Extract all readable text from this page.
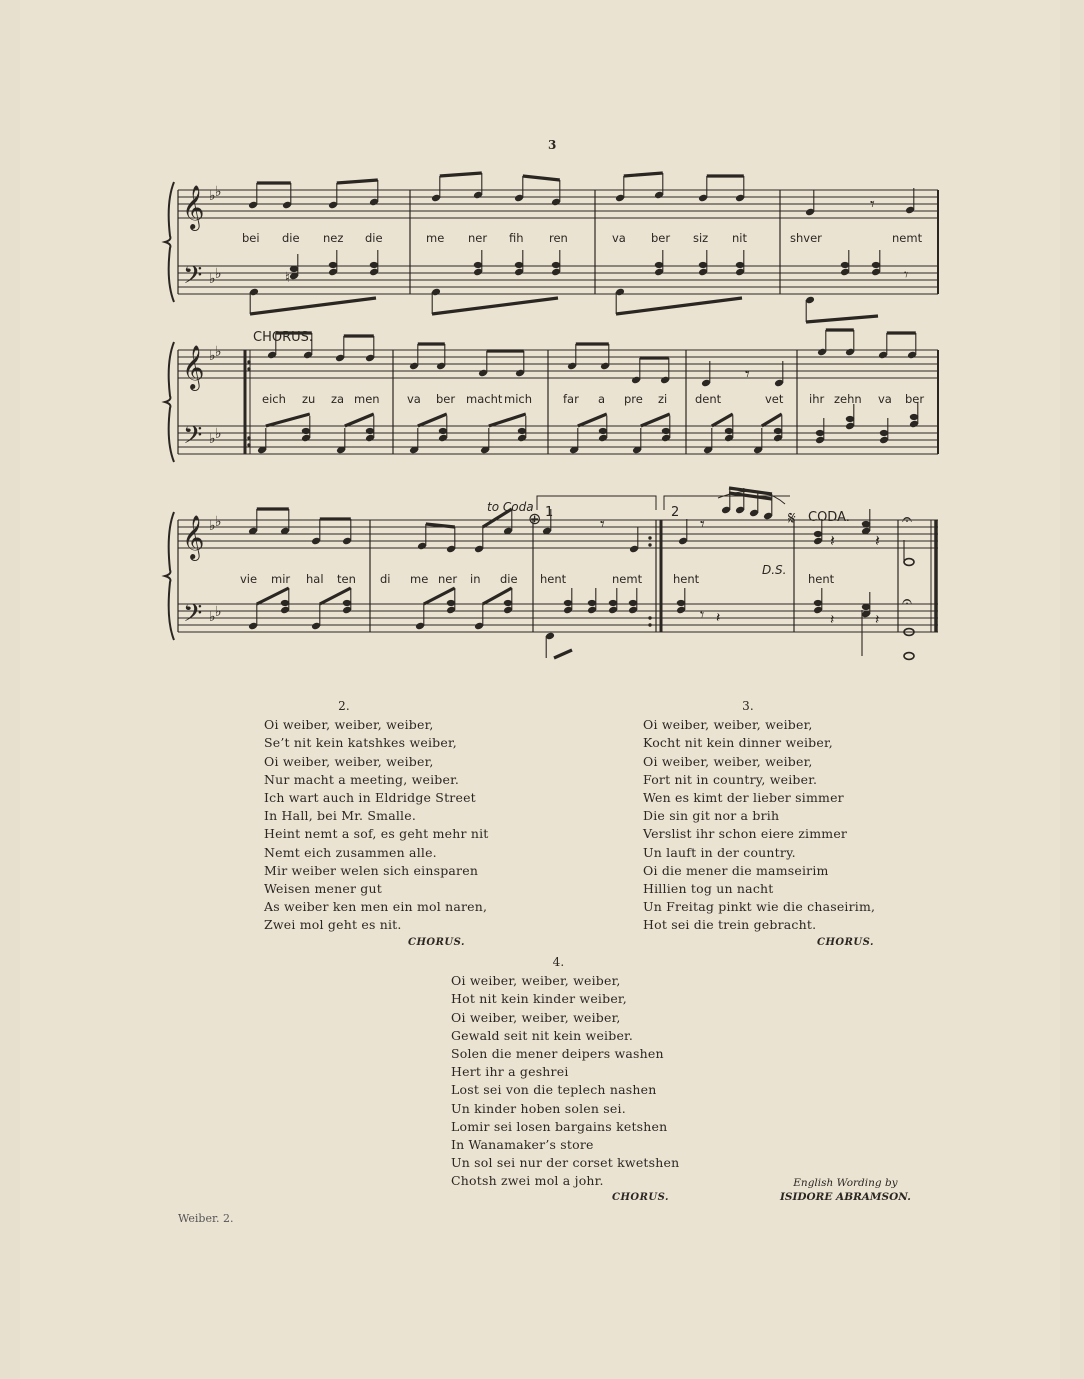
3
𝄞
𝄢
♭ ♭
♭ ♭
𝄾
♮	𝄾
bei die nez die	me ner fih ren	va ber siz nit	shver	nemt
𝄞
𝄢
♭ ♭
♭ ♭
CHORUS.
𝄾
eich zu za men va ber macht mich	far a pre zi dent	vet ihr zehn va ber
𝄞
𝄢
♭ ♭
♭ ♭
𝄾	𝄾
to Coda
⊕ 1	2	𝄋 CODA.
D.S.
𝄽	𝄽
𝄐
𝄐
vie mir hal ten di me ner in die hent	nemt	hent	hent
𝄾 𝄽	𝄽	𝄽
2.
Oi weiber, weiber, weiber,
Se’t nit kein katshkes weiber,
Oi weiber, weiber, weiber,
Nur macht a meeting, weiber.
Ich wart auch in Eldridge Street
In Hall, bei Mr. Smalle.
Heint nemt a sof, es geht mehr nit
Nemt eich zusammen alle.
Mir weiber welen sich einsparen
Weisen mener gut
As weiber ken men ein mol naren,
Zwei mol geht es nit.
CHORUS.
3.
Oi weiber, weiber, weiber,
Kocht nit kein dinner weiber,
Oi weiber, weiber, weiber,
Fort nit in country, weiber.
Wen es kimt der lieber simmer
Die sin git nor a brih
Verslist ihr schon eiere zimmer
Un lauft in der country.
Oi die mener die mamseirim
Hillien tog un nacht
Un Freitag pinkt wie die chaseirim,
Hot sei die trein gebracht.
CHORUS.
4.
Oi weiber, weiber, weiber,
Hot nit kein kinder weiber,
Oi weiber, weiber, weiber,
Gewald seit nit kein weiber.
Solen die mener deipers washen
Hert ihr a geshrei
Lost sei von die teplech nashen
Un kinder hoben solen sei.
Lomir sei losen bargains ketshen
In Wanamaker’s store
Un sol sei nur der corset kwetshen
Chotsh zwei mol a johr.
CHORUS.
English Wording by
ISIDORE ABRAMSON.
Weiber. 2.
